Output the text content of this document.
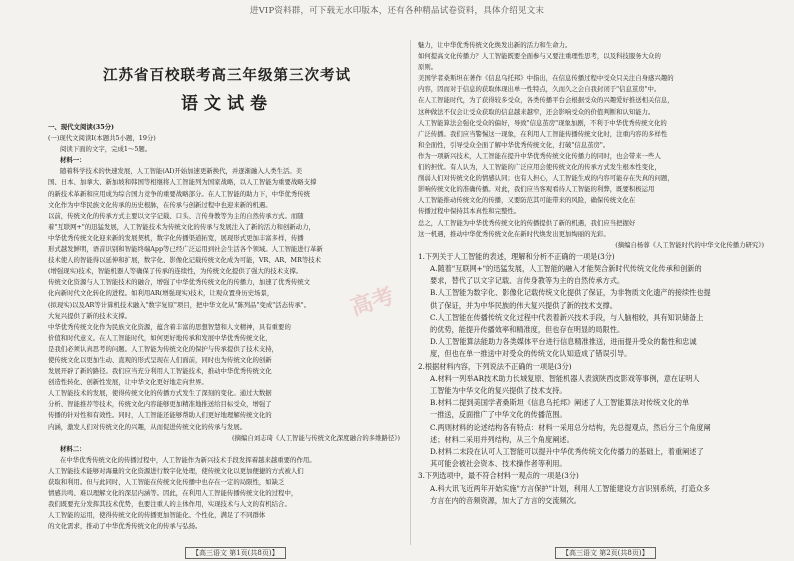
进VIP资料群，可下载无水印版本，还有各种精品试卷资料，具体介绍见文末
江苏省百校联考高三年级第三次考试
语文试卷
一、现代文阅读(35分)
(一)现代文阅读Ⅰ(本题共5小题，19分)
阅读下面的文字，完成1～5题。
材料一：
随着科学技术的快速发展，人工智能(AI)开始加速更新换代，并逐渐融入人类生活。美
国、日本、加拿大、新加坡和韩国等相继将人工智能列为国家战略，以人工智能为重要战略支撑
的新技术革新和应用成为综合国力竞争的重要战略部分。在人工智能的助力下，中华优秀传统
文化作为中华民族文化传承的历史根脉，在传承与创新过程中也迎来新的机遇。
以前，传统文化的传承方式主要以文字记载、口头、言传身教等为主的自然传承方式。而随
着"互联网+"的迅猛发展，人工智能技术为传统文化的传承与发展注入了新的活力和创新动力，
中华优秀传统文化迎来新的发展契机，数字化传播渠道拓宽，展现形式更加丰富多样，传播
形式越发鲜明，语音识别和智能终端App等已经广泛运用到社会生活各个领域。人工智能进行革新
技术使人的智能得以延伸和扩展，数字化、影像化记载传统文化成为可能，VR、AR、MR等技术
(增强现实)技术，智能机器人等确保了传承的连续性，为传统文化提供了强大的技术支撑。
传统文化资源与人工智能技术的融合，增强了中华优秀传统文化的传播力，加速了优秀传统文
化向新时代文化转化的进程。如利用AR(增强现实)技术，让观众置身历史场景，
(拟现实)以及AR等计算机技术融入"数字复原"项目，把中华文化从"陈列品"变成"活态传承"。
大复兴提供了新的技术支撑。
中华优秀传统文化作为民族文化资源，蕴含着丰富的思想智慧和人文精神，具有重要的
价值和时代意义。在人工智能时代，如何更好地传承和发展中华优秀传统文化，
是我们必须认真思考的问题。人工智能为传统文化的保护与传承提供了技术支持，
使传统文化以更加生动、直观的形式呈现在人们面前，同时也为传统文化的创新
发展开辟了新的路径。我们应当充分利用人工智能技术，推动中华优秀传统文化
创造性转化、创新性发展，让中华文化更好地走向世界。
人工智能技术的发展，使得传统文化的传播方式发生了深刻的变化。通过大数据
分析、智能推荐等技术，传统文化内容能够更加精准地推送给目标受众，增强了
传播的针对性和有效性。同时，人工智能还能够帮助人们更好地理解传统文化的
内涵，激发人们对传统文化的兴趣，从而促进传统文化的传承与发展。
(摘编自刘志琦《人工智能与传统文化深度融合的多维路径》)
材料二：
在中华优秀传统文化的传播过程中，人工智能作为新兴技术手段发挥着越来越重要的作用。
人工智能技术能够对海量的文化资源进行数字化处理，使传统文化以更加便捷的方式被人们
获取和利用。但与此同时，人工智能在传统文化传播中也存在一定的局限性，如缺乏
情感共鸣、难以理解文化的深层内涵等。因此，在利用人工智能传播传统文化的过程中，
我们既要充分发挥其技术优势，也要注重人的主体作用，实现技术与人文的有机结合。
人工智能的运用，使得传统文化的传播更加智能化、个性化，满足了不同群体
的文化需求，推动了中华优秀传统文化的传承与弘扬。
魅力，让中华优秀传统文化焕发出新的活力和生命力。
如何提高文化传播力？人工智能既要全面参与又要注重理性思考，以及科技服务大众的
原则。
美国学者桑斯坦在著作《信息乌托邦》中指出，在信息传播过程中受众只关注自身感兴趣的
内容，因而对于信息的获取体现出单一性特点，久而久之会自我封闭于"信息茧房"中。
在人工智能时代，为了获得较多受众，各类传播平台会根据受众的兴趣爱好推送相关信息，
这种做法不仅会让受众获取的信息越来越窄，还会影响受众的价值判断和认知能力。
人工智能算法会强化受众的偏好，导致"信息茧房"现象加剧，不利于中华优秀传统文化的
广泛传播。我们应当警惕这一现象，在利用人工智能传播传统文化时，注重内容的多样性
和全面性，引导受众全面了解中华优秀传统文化，打破"信息茧房"。
作为一项新兴技术，人工智能在提升中华优秀传统文化传播力的同时，也会带来一些人
们的担忧。有人认为，人工智能的广泛应用会使传统文化的传承方式发生根本性变化，
削弱人们对传统文化的情感认同；也有人担心，人工智能生成的内容可能存在失真的问题，
影响传统文化的准确传播。对此，我们应当客观看待人工智能的利弊，既要积极运用
人工智能推动传统文化的传播，又要防范其可能带来的风险，确保传统文化在
传播过程中保持其本真性和完整性。
总之，人工智能为中华优秀传统文化的传播提供了新的机遇，我们应当把握好
这一机遇，推动中华优秀传统文化在新时代焕发出更加绚丽的光彩。
(摘编自杨蓉《人工智能时代的中华文化传播力研究》)
1.下列关于人工智能的表述，理解和分析不正确的一项是(3分)
A.随着"互联网+"的迅猛发展，人工智能的融入才能契合新时代传统文化传承和创新的
要求，替代了以文字记载、言传身教等为主的自然传承方式。
B.人工智能为数字化、影像化记载传统文化提供了保证，为非物质文化遗产的接续性也提
供了保证，并为中华民族的伟大复兴提供了新的技术支撑。
C.人工智能在传播传统文化过程中代表着新兴技术手段，与人脑相较，具有知识储备上
的优势，能提升传播效率和精准度，但也存在明显的局限性。
D.人工智能算法能助力各类媒体平台进行信息精准推送，进而提升受众的黏性和忠诚
度，但也在单一推送中对受众的传统文化认知造成了错误引导。
2.根据材料内容，下列说法不正确的一项是(3分)
A.材料一列举AR技术助力长城复原、智能机器人表演陕西皮影戏等事例，意在证明人
工智能为中华文化的复兴提供了技术支持。
B.材料二提到美国学者桑斯坦《信息乌托邦》阐述了人工智能算法对传统文化的单
一推送，反面推广了中华文化的传播范围。
C.两则材料的论述结构各有特点：材料一采用总分结构，先总提观点，然后分三个角度阐
述；材料二采用并列结构，从三个角度阐述。
D.材料二末段在认可人工智能可以提升中华优秀传统文化传播力的基础上，着重阐述了
其可能会被社会资本、技术操作者等利用。
3.下列选项中，最不符合材料一观点的一项是(3分)
A.科大讯飞近两年开始实施"方言保护"计划，利用人工智能建设方言识别系统，打造众多
方言在内的音频资源，加大了方言的交流频次。
高考
【高三语文 第1页(共8页)】	【高三语文 第2页(共8页)】
